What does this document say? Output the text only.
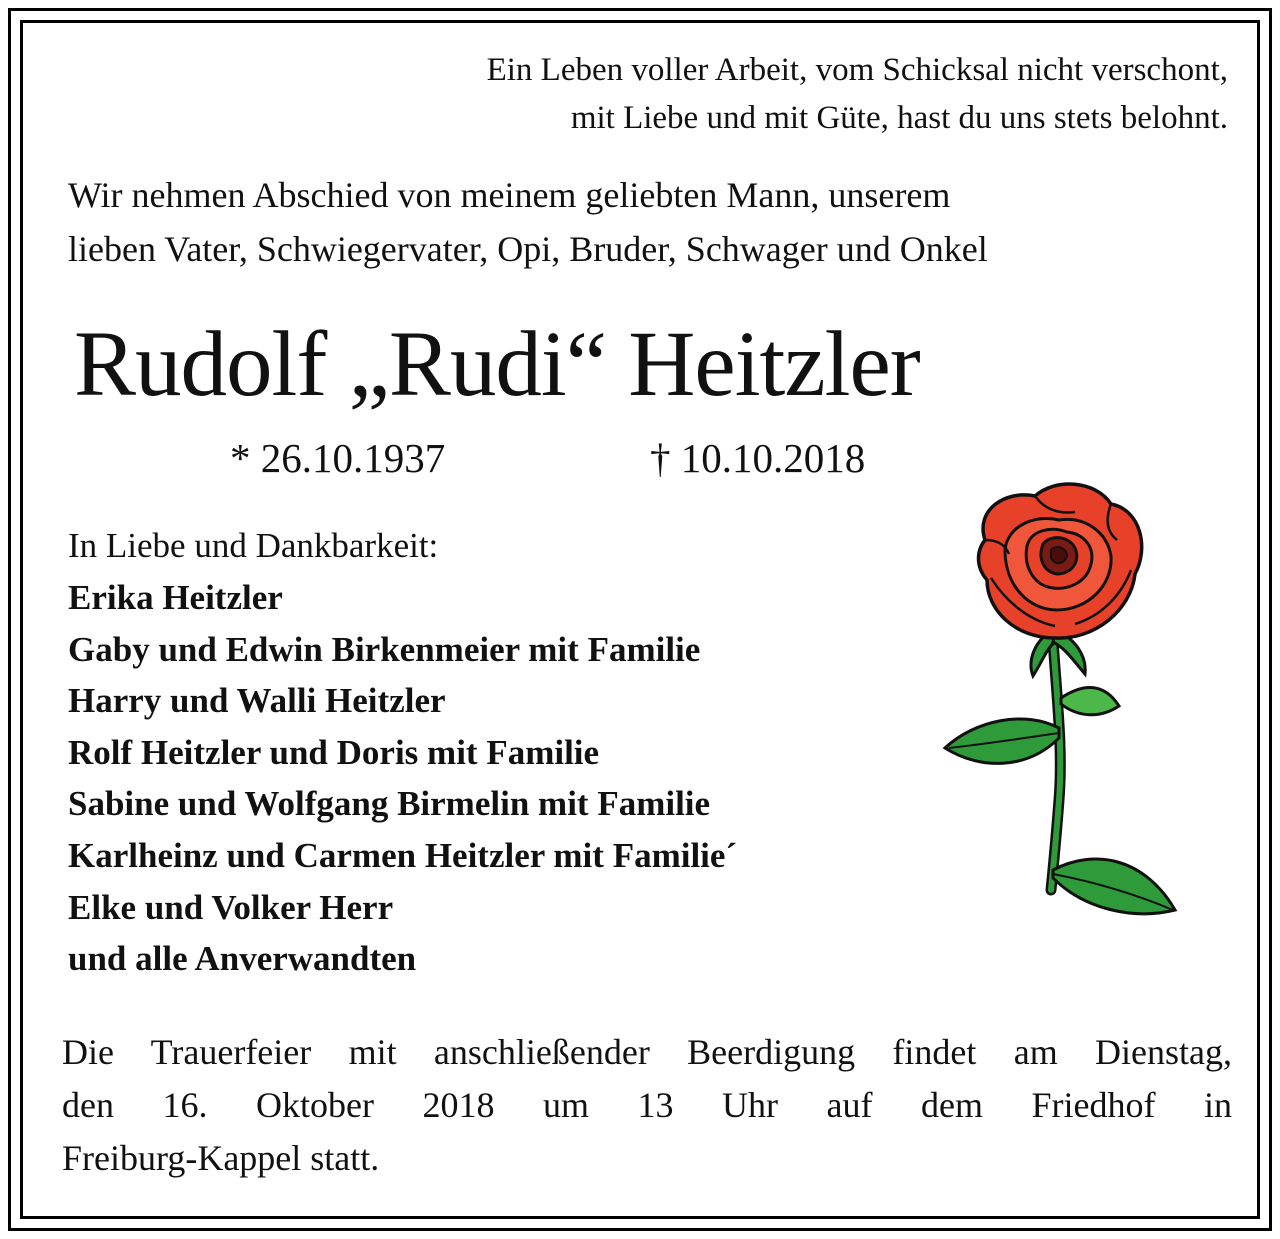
Ein Leben voller Arbeit, vom Schicksal nicht verschont,
mit Liebe und mit Güte, hast du uns stets belohnt.
Wir nehmen Abschied von meinem geliebten Mann, unserem
lieben Vater, Schwiegervater, Opi, Bruder, Schwager und Onkel
Rudolf „Rudi“ Heitzler
* 26.10.1937	† 10.10.2018
In Liebe und Dankbarkeit:
Erika Heitzler
Gaby und Edwin Birkenmeier mit Familie
Harry und Walli Heitzler
Rolf Heitzler und Doris mit Familie
Sabine und Wolfgang Birmelin mit Familie
Karlheinz und Carmen Heitzler mit Familie´
Elke und Volker Herr
und alle Anverwandten
Die Trauerfeier mit anschließender Beerdigung findet am Dienstag,
den 16. Oktober 2018 um 13 Uhr auf dem Friedhof in
Freiburg-Kappel statt.
